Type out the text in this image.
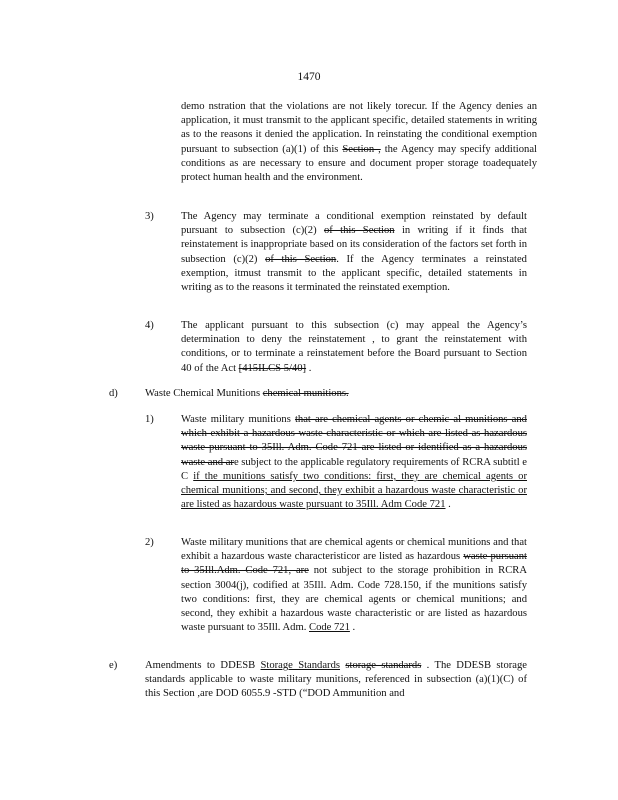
1470
demo nstration that the violations are not likely torecur. If the Agency denies an application, it must transmit to the applicant specific, detailed statements in writing as to the reasons it denied the application. In reinstating the conditional exemption pursuant to subsection (a)(1) of this Section , the Agency may specify additional conditions as are necessary to ensure and document proper storage toadequately protect human health and the environment.
3)	The Agency may terminate a conditional exemption reinstated by default pursuant to subsection (c)(2) of this Section in writing if it finds that reinstatement is inappropriate based on its consideration of the factors set forth in subsection (c)(2) of this Section. If the Agency terminates a reinstated exemption, itmust transmit to the applicant specific, detailed statements in writing as to the reasons it terminated the reinstated exemption.
4)	The applicant pursuant to this subsection (c) may appeal the Agency’s determination to deny the reinstatement , to grant the reinstatement with conditions, or to terminate a reinstatement before the Board pursuant to Section 40 of the Act [415ILCS 5/40] .
d)	Waste Chemical Munitions chemical munitions.
1)	Waste military munitions that are chemical agents or chemic al munitions and which exhibit a hazardous waste characteristic or which are listed as hazardous waste pursuant to 35Ill. Adm. Code 721 are listed or identified as a hazardous waste and are subject to the applicable regulatory requirements of RCRA subtitl e C if the munitions satisfy two conditions: first, they are chemical agents or chemical munitions; and second, they exhibit a hazardous waste characteristic or are listed as hazardous waste pursuant to 35Ill. Adm Code 721 .
2)	Waste military munitions that are chemical agents or chemical munitions and that exhibit a hazardous waste characteristicor are listed as hazardous waste pursuant to 35Ill.Adm. Code 721, are not subject to the storage prohibition in RCRA section 3004(j), codified at 35Ill. Adm. Code 728.150, if the munitions satisfy two conditions: first, they are chemical agents or chemical munitions; and second, they exhibit a hazardous waste characteristic or are listed as hazardous waste pursuant to 35Ill. Adm. Code 721 .
e)	Amendments to DDESB Storage Standards storage standards . The DDESB storage standards applicable to waste military munitions, referenced in subsection (a)(1)(C) of this Section ,are DOD 6055.9 -STD (“DOD Ammunition and
